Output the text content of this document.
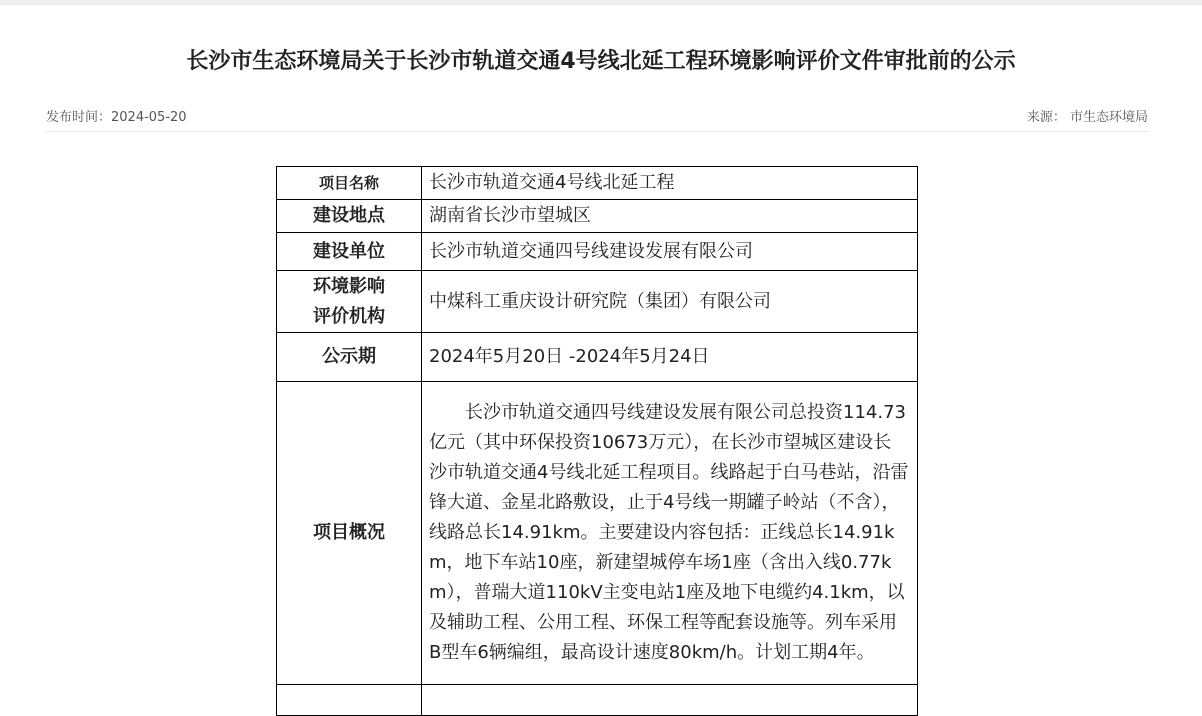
长沙市生态环境局关于长沙市轨道交通4号线北延工程环境影响评价文件审批前的公示
发布时间：2024-05-20	来源： 市生态环境局
项目名称	长沙市轨道交通4号线北延工程
建设地点	湖南省长沙市望城区
建设单位	长沙市轨道交通四号线建设发展有限公司

环境影响
评价机构	中煤科工重庆设计研究院（集团）有限公司
公示期	2024年5月20日 -2024年5月24日
项目概况	长沙市轨道交通四号线建设发展有限公司总投资114.73亿元（其中环保投资10673万元），在长沙市望城区建设长沙市轨道交通4号线北延工程项目。线路起于白马巷站，沿雷锋大道、金星北路敷设，止于4号线一期罐子岭站（不含），线路总长14.91km。主要建设内容包括：正线总长14.91km，地下车站10座，新建望城停车场1座（含出入线0.77km），普瑞大道110kV主变电站1座及地下电缆约4.1km，以及辅助工程、公用工程、环保工程等配套设施等。列车采用B型车6辆编组，最高设计速度80km/h。计划工期4年。
